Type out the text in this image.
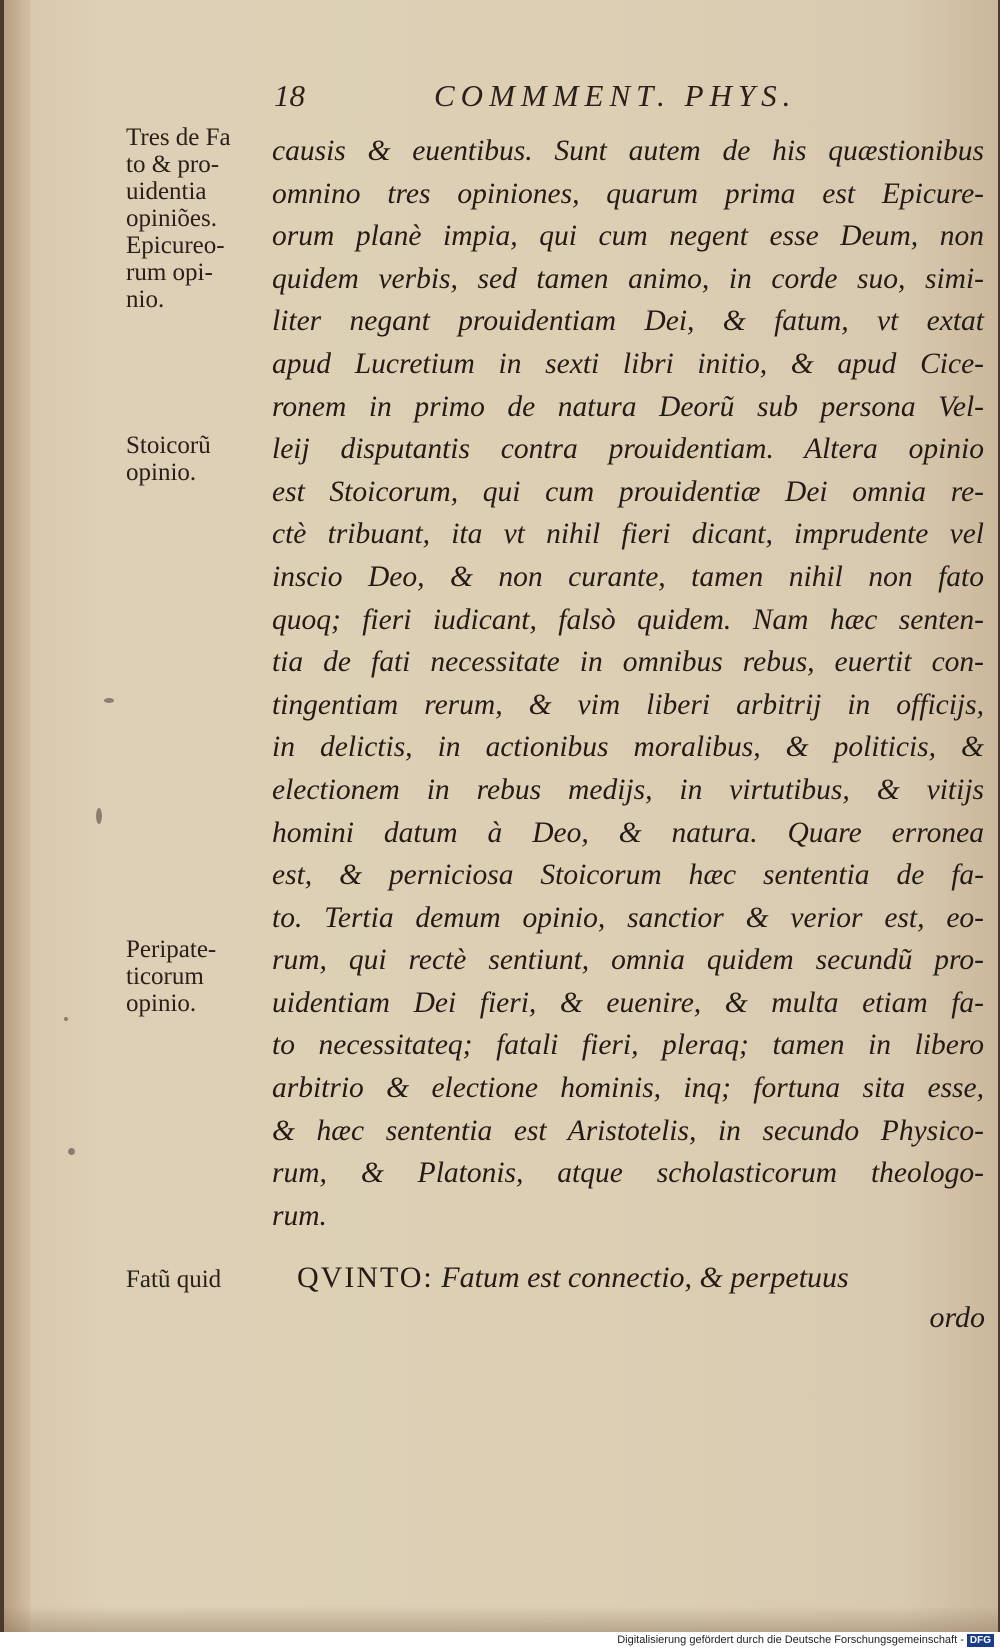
18	COMMMENT. PHYS.
Tres de Fa
to & pro-
uidentia
opiniões.
Epicureo-
rum opi-
nio.
Stoicorũ
opinio.
Peripate-
ticorum
opinio.
Fatũ quid
causis & euentibus. Sunt autem de his quæstionibus
omnino tres opiniones, quarum prima est Epicure-
orum planè impia, qui cum negent esse Deum, non
quidem verbis, sed tamen animo, in corde suo, simi-
liter negant prouidentiam Dei, & fatum, vt extat
apud Lucretium in sexti libri initio, & apud Cice-
ronem in primo de natura Deorũ sub persona Vel-
leij disputantis contra prouidentiam. Altera opinio
est Stoicorum, qui cum prouidentiæ Dei omnia re-
ctè tribuant, ita vt nihil fieri dicant, imprudente vel
inscio Deo, & non curante, tamen nihil non fato
quoq; fieri iudicant, falsò quidem. Nam hæc senten-
tia de fati necessitate in omnibus rebus, euertit con-
tingentiam rerum, & vim liberi arbitrij in officijs,
in delictis, in actionibus moralibus, & politicis, &
electionem in rebus medijs, in virtutibus, & vitijs
homini datum à Deo, & natura. Quare erronea
est, & perniciosa Stoicorum hæc sententia de fa-
to. Tertia demum opinio, sanctior & verior est, eo-
rum, qui rectè sentiunt, omnia quidem secundũ pro-
uidentiam Dei fieri, & euenire, & multa etiam fa-
to necessitateq; fatali fieri, pleraq; tamen in libero
arbitrio & electione hominis, inq; fortuna sita esse,
& hæc sententia est Aristotelis, in secundo Physico-
rum, & Platonis, atque scholasticorum theologo-
rum.
QVINTO: Fatum est connectio, & perpetuus
ordo
Digitalisierung gefördert durch die Deutsche Forschungsgemeinschaft - DFG
